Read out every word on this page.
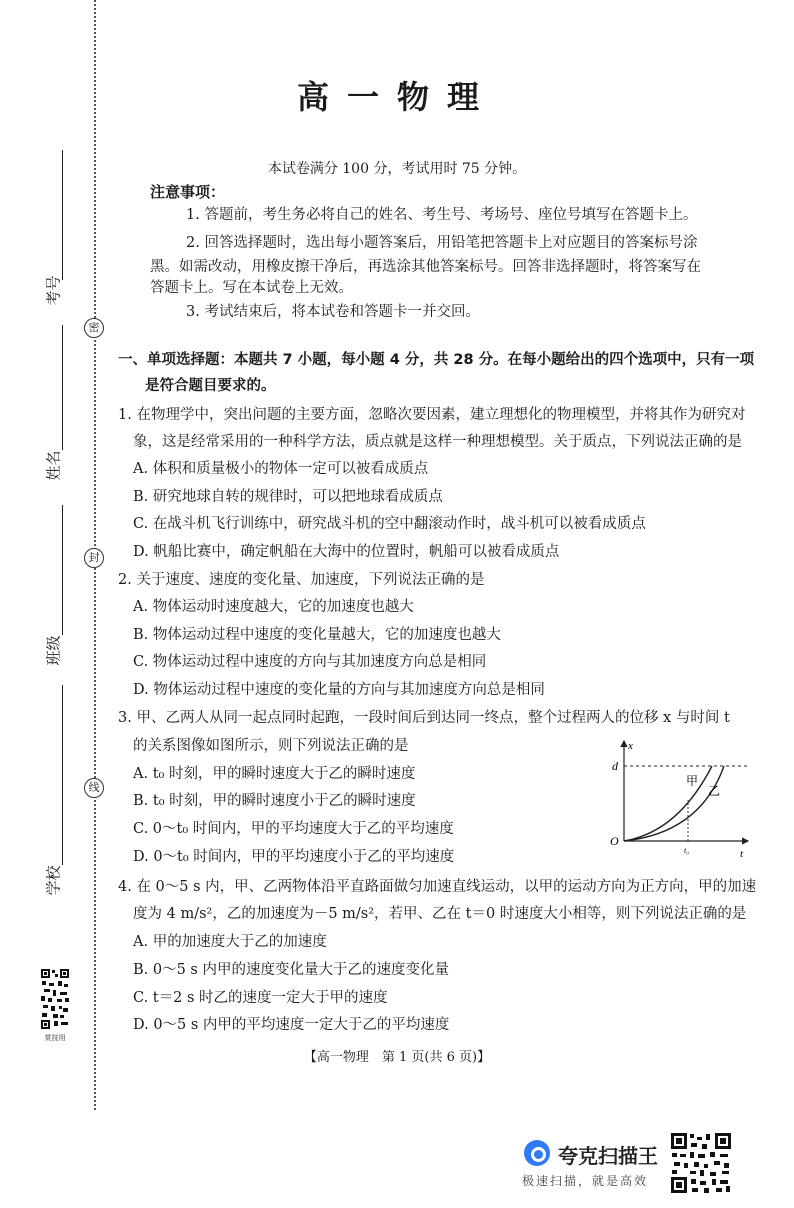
密
封
线
考号
姓名
班级
学校
赏技用
高一物理
本试卷满分 100 分，考试用时 75 分钟。
注意事项：
1. 答题前，考生务必将自己的姓名、考生号、考场号、座位号填写在答题卡上。
2. 回答选择题时，选出每小题答案后，用铅笔把答题卡上对应题目的答案标号涂
黑。如需改动，用橡皮擦干净后，再选涂其他答案标号。回答非选择题时，将答案写在
答题卡上。写在本试卷上无效。
3. 考试结束后，将本试卷和答题卡一并交回。
一、单项选择题：本题共 7 小题，每小题 4 分，共 28 分。在每小题给出的四个选项中，只有一项
是符合题目要求的。
1. 在物理学中，突出问题的主要方面，忽略次要因素，建立理想化的物理模型，并将其作为研究对
象，这是经常采用的一种科学方法，质点就是这样一种理想模型。关于质点，下列说法正确的是
A. 体积和质量极小的物体一定可以被看成质点
B. 研究地球自转的规律时，可以把地球看成质点
C. 在战斗机飞行训练中，研究战斗机的空中翻滚动作时，战斗机可以被看成质点
D. 帆船比赛中，确定帆船在大海中的位置时，帆船可以被看成质点
2. 关于速度、速度的变化量、加速度，下列说法正确的是
A. 物体运动时速度越大，它的加速度也越大
B. 物体运动过程中速度的变化量越大，它的加速度也越大
C. 物体运动过程中速度的方向与其加速度方向总是相同
D. 物体运动过程中速度的变化量的方向与其加速度方向总是相同
3. 甲、乙两人从同一起点同时起跑，一段时间后到达同一终点，整个过程两人的位移 x 与时间 t
的关系图像如图所示，则下列说法正确的是
A. t₀ 时刻，甲的瞬时速度大于乙的瞬时速度
B. t₀ 时刻，甲的瞬时速度小于乙的瞬时速度
C. 0～t₀ 时间内，甲的平均速度大于乙的平均速度
D. 0～t₀ 时间内，甲的平均速度小于乙的平均速度
x
t
O
d
t₀
甲
乙
4. 在 0～5 s 内，甲、乙两物体沿平直路面做匀加速直线运动，以甲的运动方向为正方向，甲的加速
度为 4 m/s²，乙的加速度为－5 m/s²，若甲、乙在 t＝0 时速度大小相等，则下列说法正确的是
A. 甲的加速度大于乙的加速度
B. 0～5 s 内甲的速度变化量大于乙的速度变化量
C. t＝2 s 时乙的速度一定大于甲的速度
D. 0～5 s 内甲的平均速度一定大于乙的平均速度
【高一物理　第 1 页(共 6 页)】
夸克扫描王
极速扫描，就是高效
